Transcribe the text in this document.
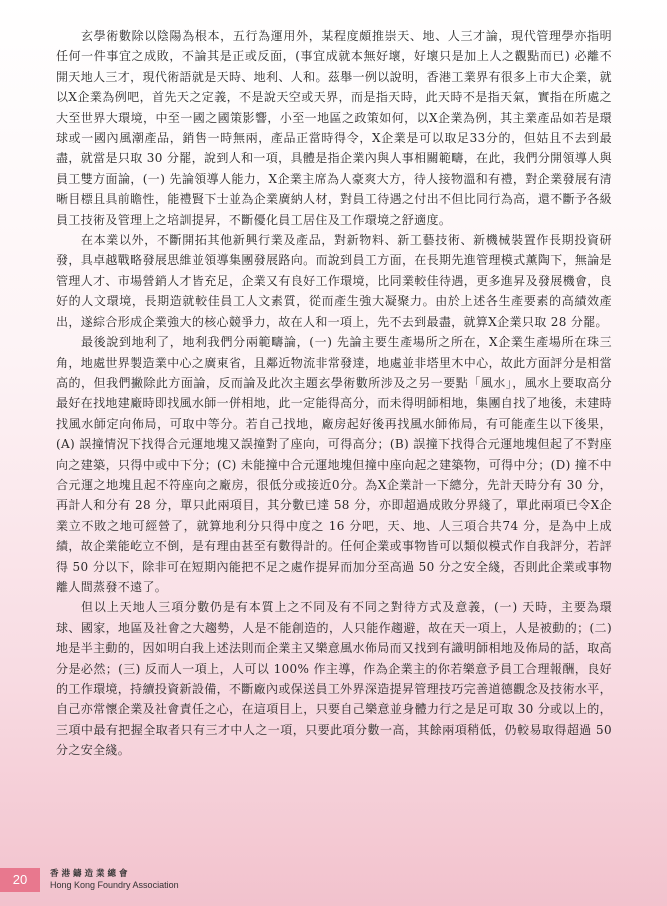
玄學術數除以陰陽為根本，五行為運用外，某程度頗推崇天、地、人三才論，現代管理學亦指明任何一件事宜之成敗，不論其是正或反面，(事宜成就本無好壞，好壞只是加上人之觀點而已) 必離不開天地人三才，現代術語就是天時、地利、人和。茲舉一例以說明，香港工業界有很多上市大企業，就以X企業為例吧，首先天之定義，不是說天空或天界，而是指天時，此天時不是指天氣，實指在所處之大至世界大環境，中至一國之國策影響，小至一地區之政策如何，以X企業為例，其主業產品如若是環球或一國內風潮產品，銷售一時無兩，產品正當時得令，X企業是可以取足33分的，但姑且不去到最盡，就當是只取 30 分罷，說到人和一項，具體是指企業內與人事相關範疇，在此，我們分開領導人與員工雙方面論，(一) 先論領導人能力，X企業主席為人豪爽大方，待人接物溫和有禮，對企業發展有清晰目標且具前瞻性，能禮賢下士並為企業廣納人材，對員工待遇之付出不但比同行為高，還不斷予各級員工技術及管理上之培訓提昇，不斷優化員工居住及工作環境之舒適度。

在本業以外，不斷開拓其他新興行業及產品，對新物料、新工藝技術、新機械裝置作長期投資研發，具卓越戰略發展思維並領導集團發展路向。而說到員工方面，在長期先進管理模式薰陶下，無論是管理人才、市場營銷人才皆充足，企業又有良好工作環境，比同業較佳待遇，更多進昇及發展機會，良好的人文環境，長期造就較佳員工人文素質，從而產生強大凝聚力。由於上述各生產要素的高績效產出，遂綜合形成企業強大的核心競爭力，故在人和一項上，先不去到最盡，就算X企業只取 28 分罷。

最後說到地利了，地利我們分兩範疇論，(一) 先論主要生產場所之所在，X企業生產場所在珠三角，地處世界製造業中心之廣東省，且鄰近物流非常發達，地處並非塔里木中心，故此方面評分是相當高的，但我們撇除此方面論，反而論及此次主題玄學術數所涉及之另一要點「風水」，風水上要取高分最好在找地建廠時即找風水師一併相地，此一定能得高分，而未得明師相地，集團自找了地後，未建時找風水師定向佈局，可取中等分。若自己找地，廠房起好後再找風水師佈局，有可能產生以下後果，(A) 誤撞情況下找得合元運地塊又誤撞對了座向，可得高分；(B) 誤撞下找得合元運地塊但起了不對座向之建築，只得中或中下分；(C) 未能撞中合元運地塊但撞中座向起之建築物，可得中分；(D) 撞不中合元運之地塊且起不符座向之廠房，很低分或接近0分。為X企業計一下總分，先計天時分有 30 分，再計人和分有 28 分，單只此兩項目，其分數已達 58 分，亦即超過成敗分界綫了，單此兩項已令X企業立不敗之地可經營了，就算地利分只得中度之 16 分吧，天、地、人三項合共74 分，是為中上成績，故企業能屹立不倒，是有理由甚至有數得計的。任何企業或事物皆可以類似模式作自我評分，若評得 50 分以下，除非可在短期內能把不足之處作提昇而加分至高過 50 分之安全綫，否則此企業或事物離人間蒸發不遠了。

但以上天地人三項分數仍是有本質上之不同及有不同之對待方式及意義，(一) 天時，主要為環球、國家，地區及社會之大趨勢，人是不能創造的，人只能作趨避，故在天一項上，人是被動的；(二) 地是半主動的，因如明白我上述法則而企業主又樂意風水佈局而又找到有識明師相地及佈局的話，取高分是必然；(三) 反而人一項上，人可以 100% 作主導，作為企業主的你若樂意予員工合理報酬，良好的工作環境，持續投資新設備，不斷廠內或保送員工外界深造提昇管理技巧完善道德觀念及技術水平，自己亦常懷企業及社會責任之心，在這項目上，只要自己樂意並身體力行之是足可取 30 分或以上的，三項中最有把握全取者只有三才中人之一項，只要此項分數一高，其餘兩項稍低，仍較易取得超過 50 分之安全綫。

20	香港鑄造業總會
Hong Kong Foundry Association
